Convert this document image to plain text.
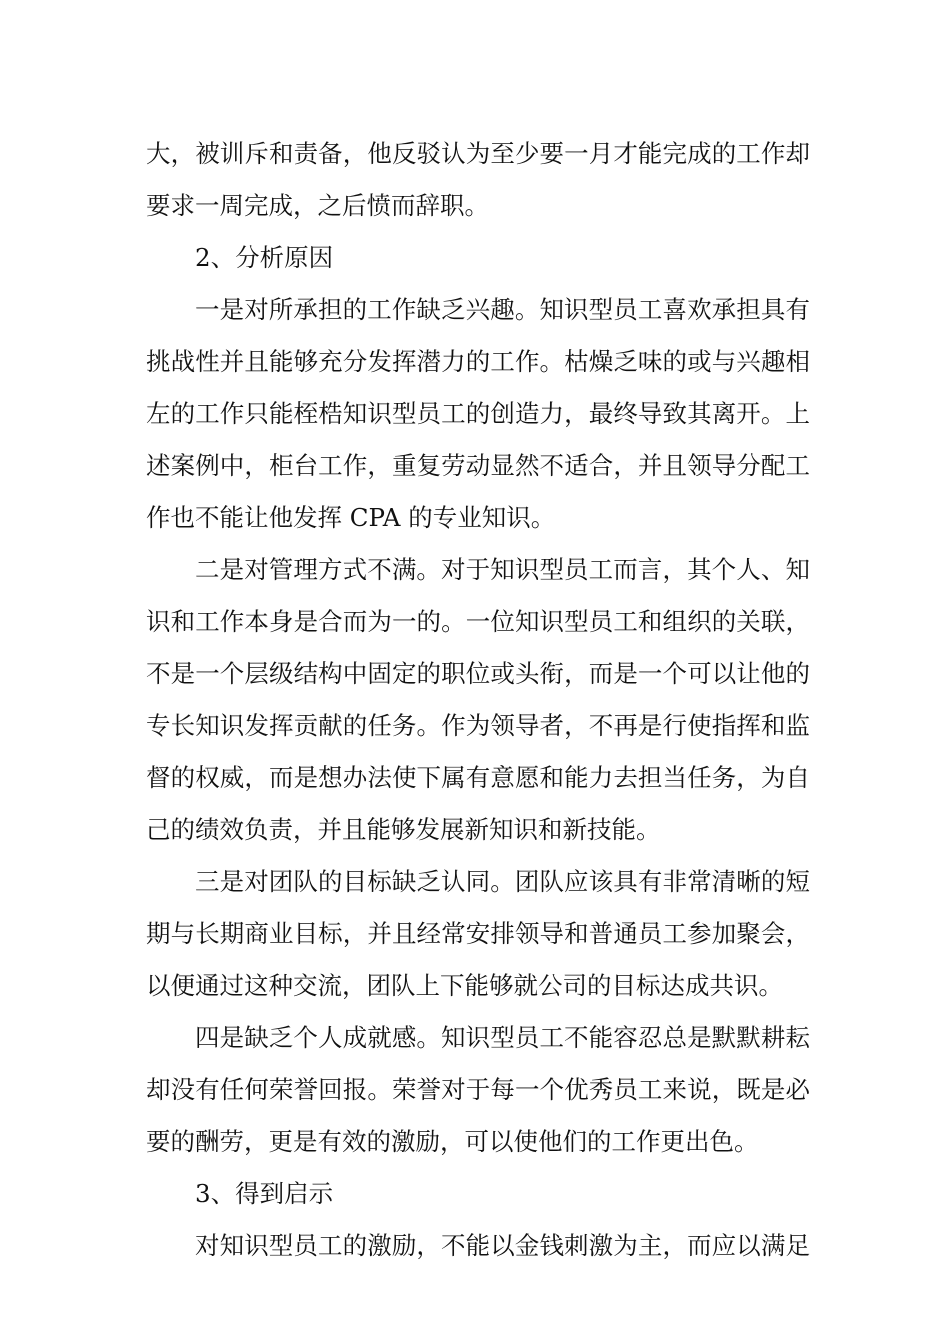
大，被训斥和责备，他反驳认为至少要一月才能完成的工作却
要求一周完成，之后愤而辞职。
2、分析原因
一是对所承担的工作缺乏兴趣。知识型员工喜欢承担具有
挑战性并且能够充分发挥潜力的工作。枯燥乏味的或与兴趣相
左的工作只能桎梏知识型员工的创造力，最终导致其离开。上
述案例中，柜台工作，重复劳动显然不适合，并且领导分配工
作也不能让他发挥 CPA 的专业知识。
二是对管理方式不满。对于知识型员工而言，其个人、知
识和工作本身是合而为一的。一位知识型员工和组织的关联，
不是一个层级结构中固定的职位或头衔，而是一个可以让他的
专长知识发挥贡献的任务。作为领导者，不再是行使指挥和监
督的权威，而是想办法使下属有意愿和能力去担当任务，为自
己的绩效负责，并且能够发展新知识和新技能。
三是对团队的目标缺乏认同。团队应该具有非常清晰的短
期与长期商业目标，并且经常安排领导和普通员工参加聚会，
以便通过这种交流，团队上下能够就公司的目标达成共识。
四是缺乏个人成就感。知识型员工不能容忍总是默默耕耘
却没有任何荣誉回报。荣誉对于每一个优秀员工来说，既是必
要的酬劳，更是有效的激励，可以使他们的工作更出色。
3、得到启示
对知识型员工的激励，不能以金钱刺激为主，而应以满足
